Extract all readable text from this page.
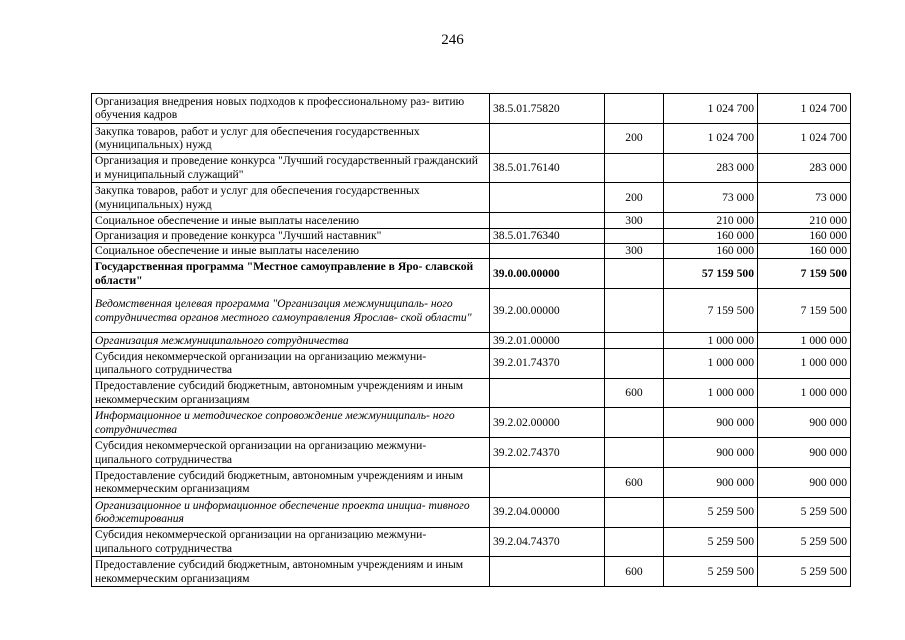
246
Организация внедрения новых подходов к профессиональному раз- витию обучения кадров	38.5.01.75820		1 024 700	1 024 700
Закупка товаров, работ и услуг для обеспечения государственных (муниципальных) нужд		200	1 024 700	1 024 700
Организация и проведение конкурса "Лучший государственный гражданский и муниципальный служащий"	38.5.01.76140		283 000	283 000
Закупка товаров, работ и услуг для обеспечения государственных (муниципальных) нужд		200	73 000	73 000
Социальное обеспечение и иные выплаты населению		300	210 000	210 000
Организация и проведение конкурса "Лучший наставник"	38.5.01.76340		160 000	160 000
Социальное обеспечение и иные выплаты населению		300	160 000	160 000
Государственная программа "Местное самоуправление в Яро- славской области"	39.0.00.00000		57 159 500	7 159 500
Ведомственная целевая программа "Организация межмуниципаль- ного сотрудничества органов местного самоуправления Ярослав- ской области"	39.2.00.00000		7 159 500	7 159 500
Организация межмуниципального сотрудничества	39.2.01.00000		1 000 000	1 000 000
Субсидия некоммерческой организации на организацию межмуни- ципального сотрудничества	39.2.01.74370		1 000 000	1 000 000
Предоставление субсидий бюджетным, автономным учреждениям и иным некоммерческим организациям		600	1 000 000	1 000 000
Информационное и методическое сопровождение межмуниципаль- ного сотрудничества	39.2.02.00000		900 000	900 000
Субсидия некоммерческой организации на организацию межмуни- ципального сотрудничества	39.2.02.74370		900 000	900 000
Предоставление субсидий бюджетным, автономным учреждениям и иным некоммерческим организациям		600	900 000	900 000
Организационное и информационное обеспечение проекта инициа- тивного бюджетирования	39.2.04.00000		5 259 500	5 259 500
Субсидия некоммерческой организации на организацию межмуни- ципального сотрудничества	39.2.04.74370		5 259 500	5 259 500
Предоставление субсидий бюджетным, автономным учреждениям и иным некоммерческим организациям		600	5 259 500	5 259 500
